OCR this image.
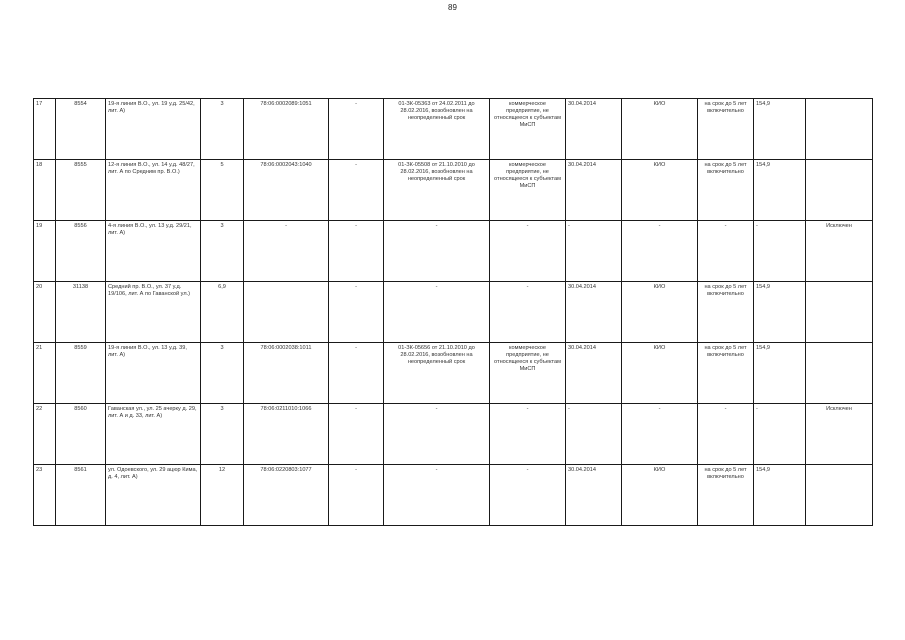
89
17	8554	19-я линия В.О., ул. 19 у.д. 25/42, лит. А)	3	78:06:0002089:1051	-	01-ЗК-05363 от 24.02.2011 до 28.02.2016, возобновлен на неопределенный срок	коммерческое предприятие, не относящееся к субъектам МиСП	30.04.2014	КИО	на срок до 5 лет включительно	154,9	
18	8555	12-я линия В.О., ул. 14 у.д. 48/27, лит. А по Средним пр. В.О.)	5	78:06:0002043:1040	-	01-ЗК-05508 от 21.10.2010 до 28.02.2016, возобновлен на неопределенный срок	коммерческое предприятие, не относящееся к субъектам МиСП	30.04.2014	КИО	на срок до 5 лет включительно	154,9	
19	8556	4-я линия В.О., ул. 13 у.д. 29/21, лит. А)	3	-	-	-	-	-	-	-	-	Исключен
20	31138	Средний пр. В.О., ул. 37 у.д. 19/106, лит. А по Гаванской ул.)	6,9		-	-	-	30.04.2014	КИО	на срок до 5 лет включительно	154,9	
21	8559	19-я линия В.О., ул. 13 у.д. 39, лит. А)	3	78:06:0002038:1011	-	01-ЗК-05656 от 21.10.2010 до 28.02.2016, возобновлен на неопределенный срок	коммерческое предприятие, не относящееся к субъектам МиСП	30.04.2014	КИО	на срок до 5 лет включительно	154,9	
22	8560	Гаванская ул., ул. 25 ачерку д. 29, лит. А и д. 33, лит. А)	3	78:06:0211010:1066	-	-	-	-	-	-	-	Исключен
23	8561	ул. Одоевского, ул. 29 ацюр Кима, д. 4, лит. А)	12	78:06:0220803:1077	-	-	-	30.04.2014	КИО	на срок до 5 лет включительно	154,9	
